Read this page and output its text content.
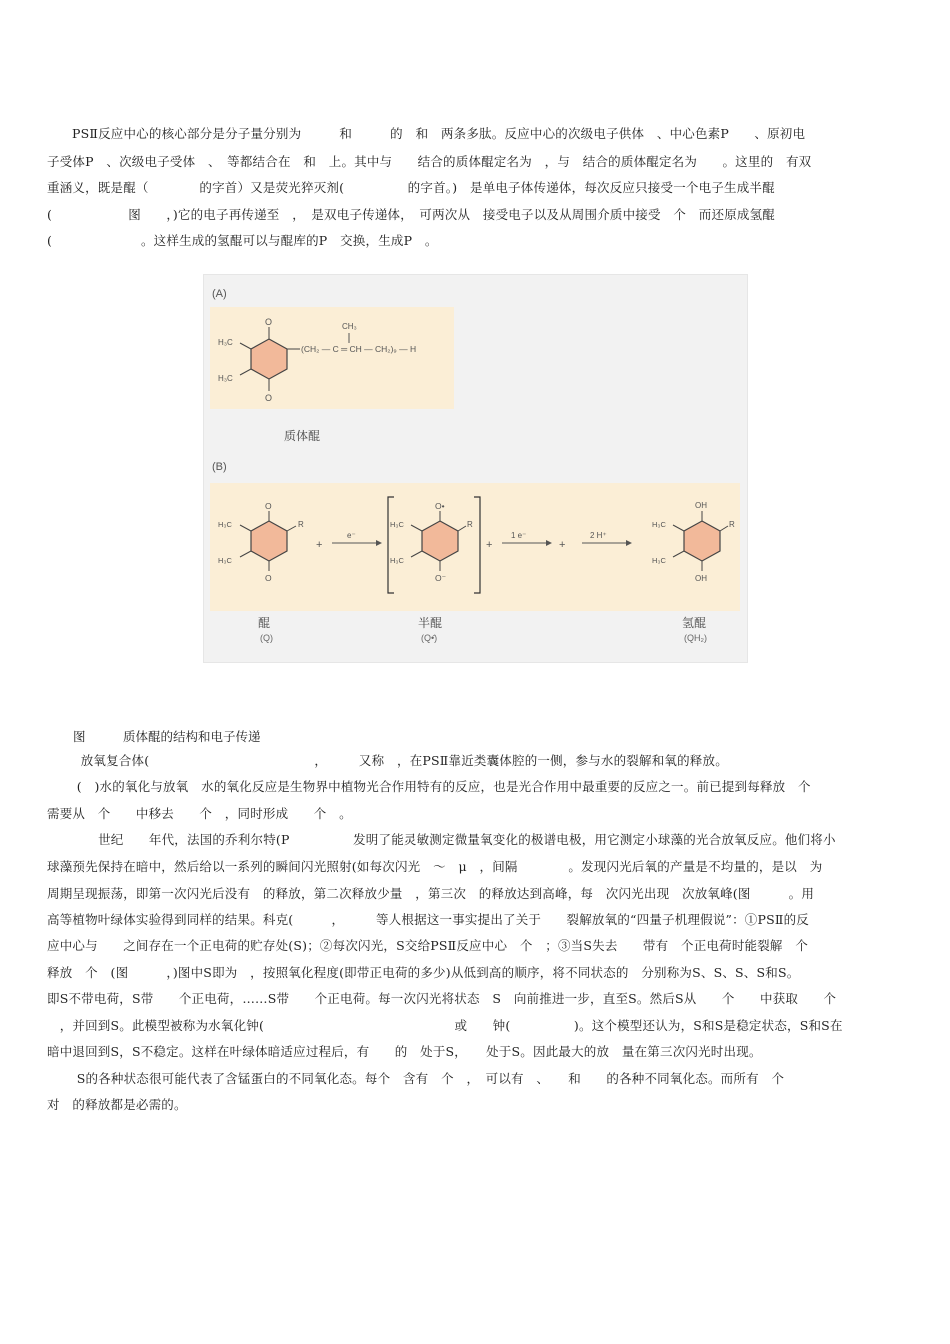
PSⅡ反应中心的核心部分是分子量分别为　　　和　　　的　和　两条多肽。反应中心的次级电子供体　、中心色素P　　、原初电
子受体P　、次级电子受体　、　等都结合在　和　上。其中与　　结合的质体醌定名为　，与　结合的质体醌定名为　　。这里的　有双
重涵义，既是醌（　　　　的字首）又是荧光猝灭剂(　　　　　的字首。)　是单电子体传递体，每次反应只接受一个电子生成半醌
(　　　　　　图　　，)它的电子再传递至　，　是双电子传递体，　可两次从　接受电子以及从周围介质中接受　个　而还原成氢醌
(　　　　　　　。这样生成的氢醌可以与醌库的P　交换，生成P　。
(A)
O
O
H₃C
H₃C
CH₃
(CH₂ — C ═ CH — CH₂)₉ — H
质体醌
(B)
O
O
H₃C
H₃C
R
+
e⁻
O•
O⁻
H₃C
H₃C
R
+
1 e⁻
+
2 H⁺
OH
OH
H₃C
H₃C
R
醌
(Q)
半醌
(Q•̄)
氢醌
(QH₂)
图　　　质体醌的结构和电子传递
　放氧复合体(　　　　　　　　　　　　　，　　　又称　，在PSⅡ靠近类囊体腔的一侧，参与水的裂解和氧的释放。
　(　)水的氧化与放氧　水的氧化反应是生物界中植物光合作用特有的反应，也是光合作用中最重要的反应之一。前已提到每释放　个
需要从　个　　中移去　　个　，同时形成　　个　。
　　　世纪　　年代，法国的乔利尔特(P　　　　　发明了能灵敏测定微量氧变化的极谱电极，用它测定小球藻的光合放氧反应。他们将小
球藻预先保持在暗中，然后给以一系列的瞬间闪光照射(如每次闪光　～　μ　，间隔　　　　。发现闪光后氧的产量是不均量的，是以　为
周期呈现振荡，即第一次闪光后没有　的释放，第二次释放少量　，第三次　的释放达到高峰，每　次闪光出现　次放氧峰(图　　　。用
高等植物叶绿体实验得到同样的结果。科克(　　　，　　　等人根据这一事实提出了关于　　裂解放氧的“四量子机理假说”：①PSⅡ的反
应中心与　　之间存在一个正电荷的贮存处(S)；②每次闪光，S交给PSⅡ反应中心　个　；③当S失去　　带有　个正电荷时能裂解　个
释放　个　(图　　　，)图中S即为　，按照氧化程度(即带正电荷的多少)从低到高的顺序，将不同状态的　分别称为S、S、S、S和S。
即S不带电荷，S带　　个正电荷，……S带　　个正电荷。每一次闪光将状态　S　向前推进一步，直至S。然后S从　　个　　中获取　　个
　，并回到S。此模型被称为水氧化钟(　　　　　　　　　　　　　　　或　　钟(　　　　　)。这个模型还认为，S和S是稳定状态，S和S在
暗中退回到S，S不稳定。这样在叶绿体暗适应过程后，有　　的　处于S，　　处于S。因此最大的放　量在第三次闪光时出现。
　S的各种状态很可能代表了含锰蛋白的不同氧化态。每个　含有　个　，　可以有　、　　和　　的各种不同氧化态。而所有　个
对　的释放都是必需的。
